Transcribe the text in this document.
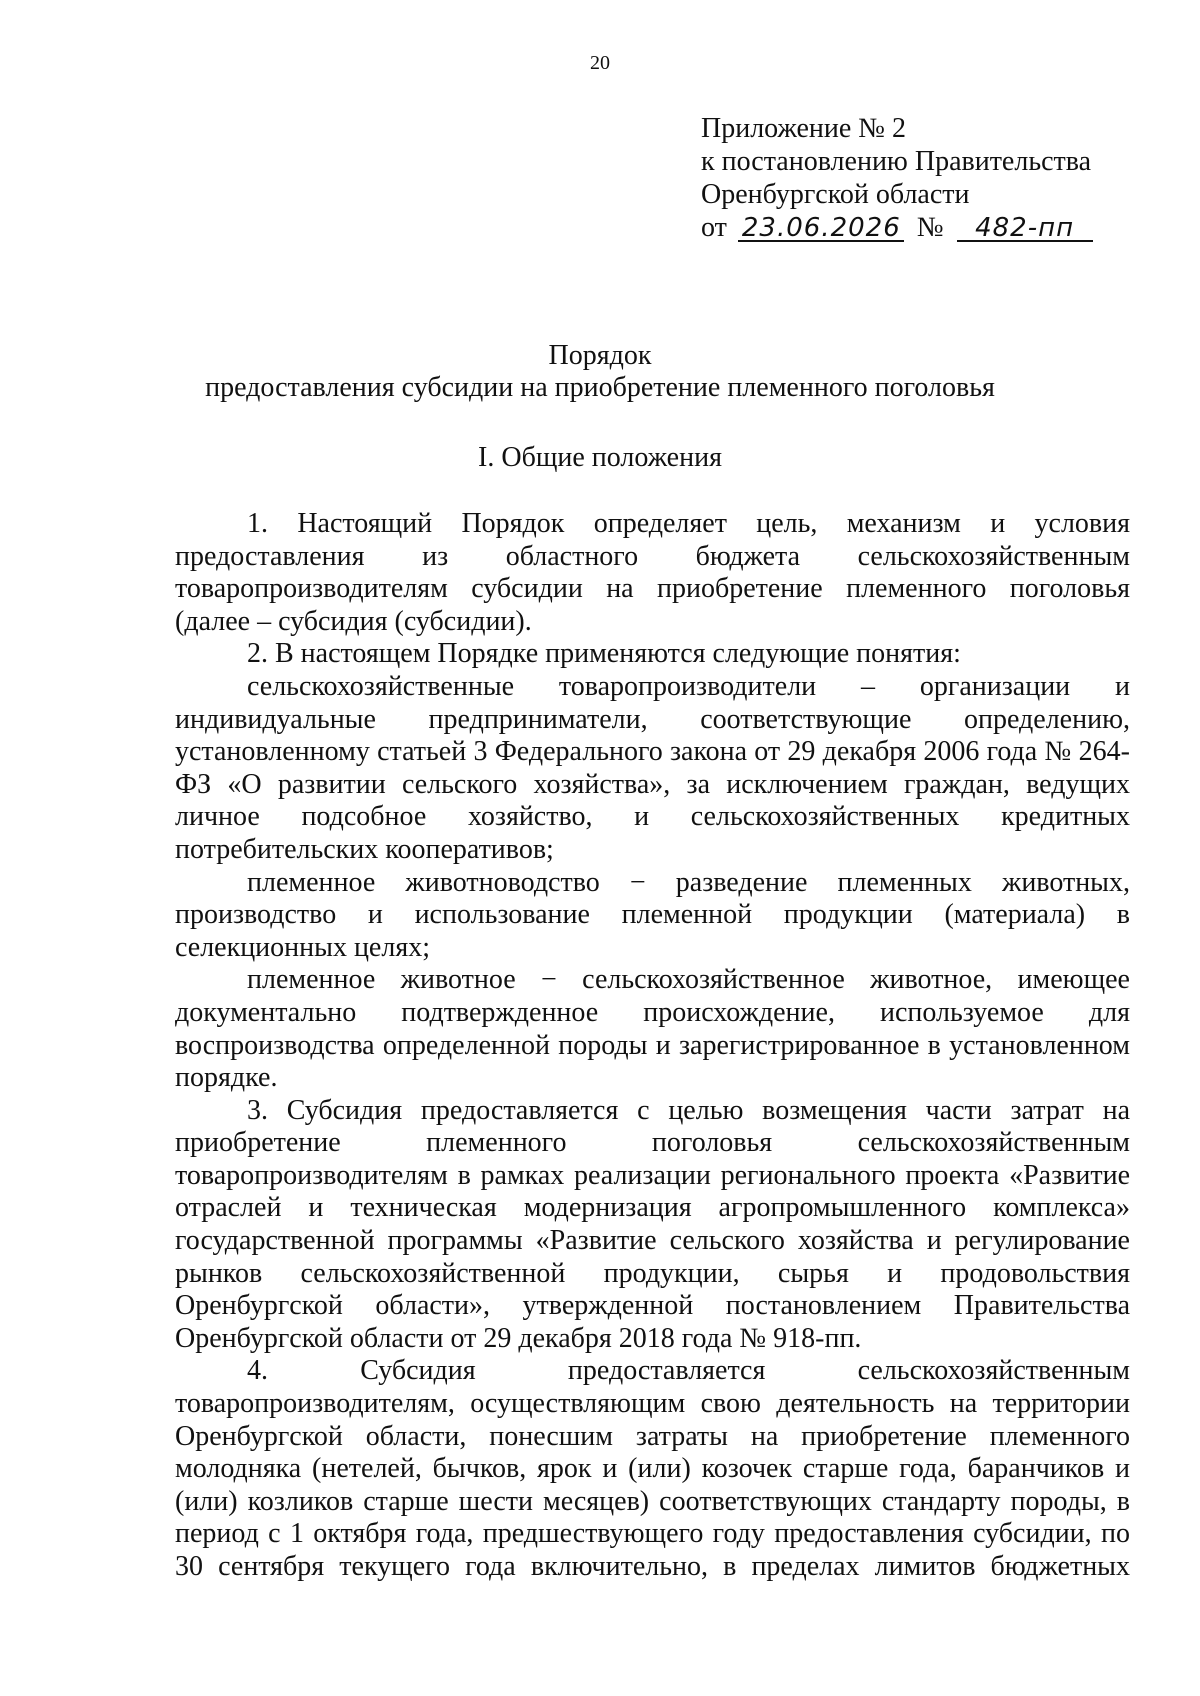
20
Приложение № 2
к постановлению Правительства
Оренбургской области
от 23.06.2026 № 482-пп
Порядок
предоставления субсидии на приобретение племенного поголовья
I. Общие положения

1. Настоящий Порядок определяет цель, механизм и условия предоставления из областного бюджета сельскохозяйственным товаропроизводителям субсидии на приобретение племенного поголовья (далее – субсидия (субсидии).

2. В настоящем Порядке применяются следующие понятия:

сельскохозяйственные товаропроизводители – организации и индивидуальные предприниматели, соответствующие определению, установленному статьей 3 Федерального закона от 29 декабря 2006 года № 264-ФЗ «О развитии сельского хозяйства», за исключением граждан, ведущих личное подсобное хозяйство, и сельскохозяйственных кредитных потребительских кооперативов;

племенное животноводство − разведение племенных животных, производство и использование племенной продукции (материала) в селекционных целях;

племенное животное − сельскохозяйственное животное, имеющее документально подтвержденное происхождение, используемое для воспроизводства определенной породы и зарегистрированное в установленном порядке.

3. Субсидия предоставляется с целью возмещения части затрат на приобретение племенного поголовья сельскохозяйственным товаропроизводителям в рамках реализации регионального проекта «Развитие отраслей и техническая модернизация агропромышленного комплекса» государственной программы «Развитие сельского хозяйства и регулирование рынков сельскохозяйственной продукции, сырья и продовольствия Оренбургской области», утвержденной постановлением Правительства Оренбургской области от 29 декабря 2018 года № 918-пп.

4. Субсидия предоставляется сельскохозяйственным товаропроизводителям, осуществляющим свою деятельность на территории Оренбургской области, понесшим затраты на приобретение племенного молодняка (нетелей, бычков, ярок и (или) козочек старше года, баранчиков и (или) козликов старше шести месяцев) соответствующих стандарту породы, в период с 1 октября года, предшествующего году предоставления субсидии, по 30 сентября текущего года включительно, в пределах лимитов бюджетных
